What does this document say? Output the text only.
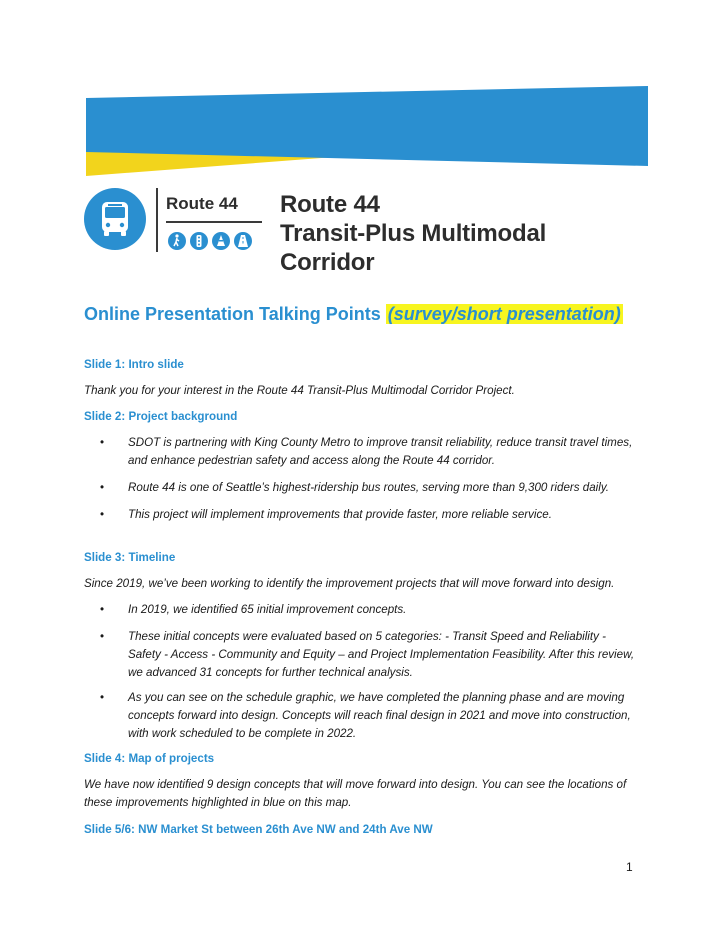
Route 44 Route 44
Transit-Plus Multimodal Corridor
Online Presentation Talking Points (survey/short presentation)
Slide 1: Intro slide
Thank you for your interest in the Route 44 Transit-Plus Multimodal Corridor Project.
Slide 2: Project background
• SDOT is partnering with King County Metro to improve transit reliability, reduce transit travel times, and enhance pedestrian safety and access along the Route 44 corridor.
• Route 44 is one of Seattle’s highest-ridership bus routes, serving more than 9,300 riders daily.
• This project will implement improvements that provide faster, more reliable service.
Slide 3: Timeline
Since 2019, we’ve been working to identify the improvement projects that will move forward into design.
• In 2019, we identified 65 initial improvement concepts.
• These initial concepts were evaluated based on 5 categories: - Transit Speed and Reliability - Safety - Access - Community and Equity – and Project Implementation Feasibility. After this review, we advanced 31 concepts for further technical analysis.
• As you can see on the schedule graphic, we have completed the planning phase and are moving concepts forward into design. Concepts will reach final design in 2021 and move into construction, with work scheduled to be complete in 2022.
Slide 4: Map of projects
We have now identified 9 design concepts that will move forward into design. You can see the locations of these improvements highlighted in blue on this map.
Slide 5/6: NW Market St between 26th Ave NW and 24th Ave NW
1
